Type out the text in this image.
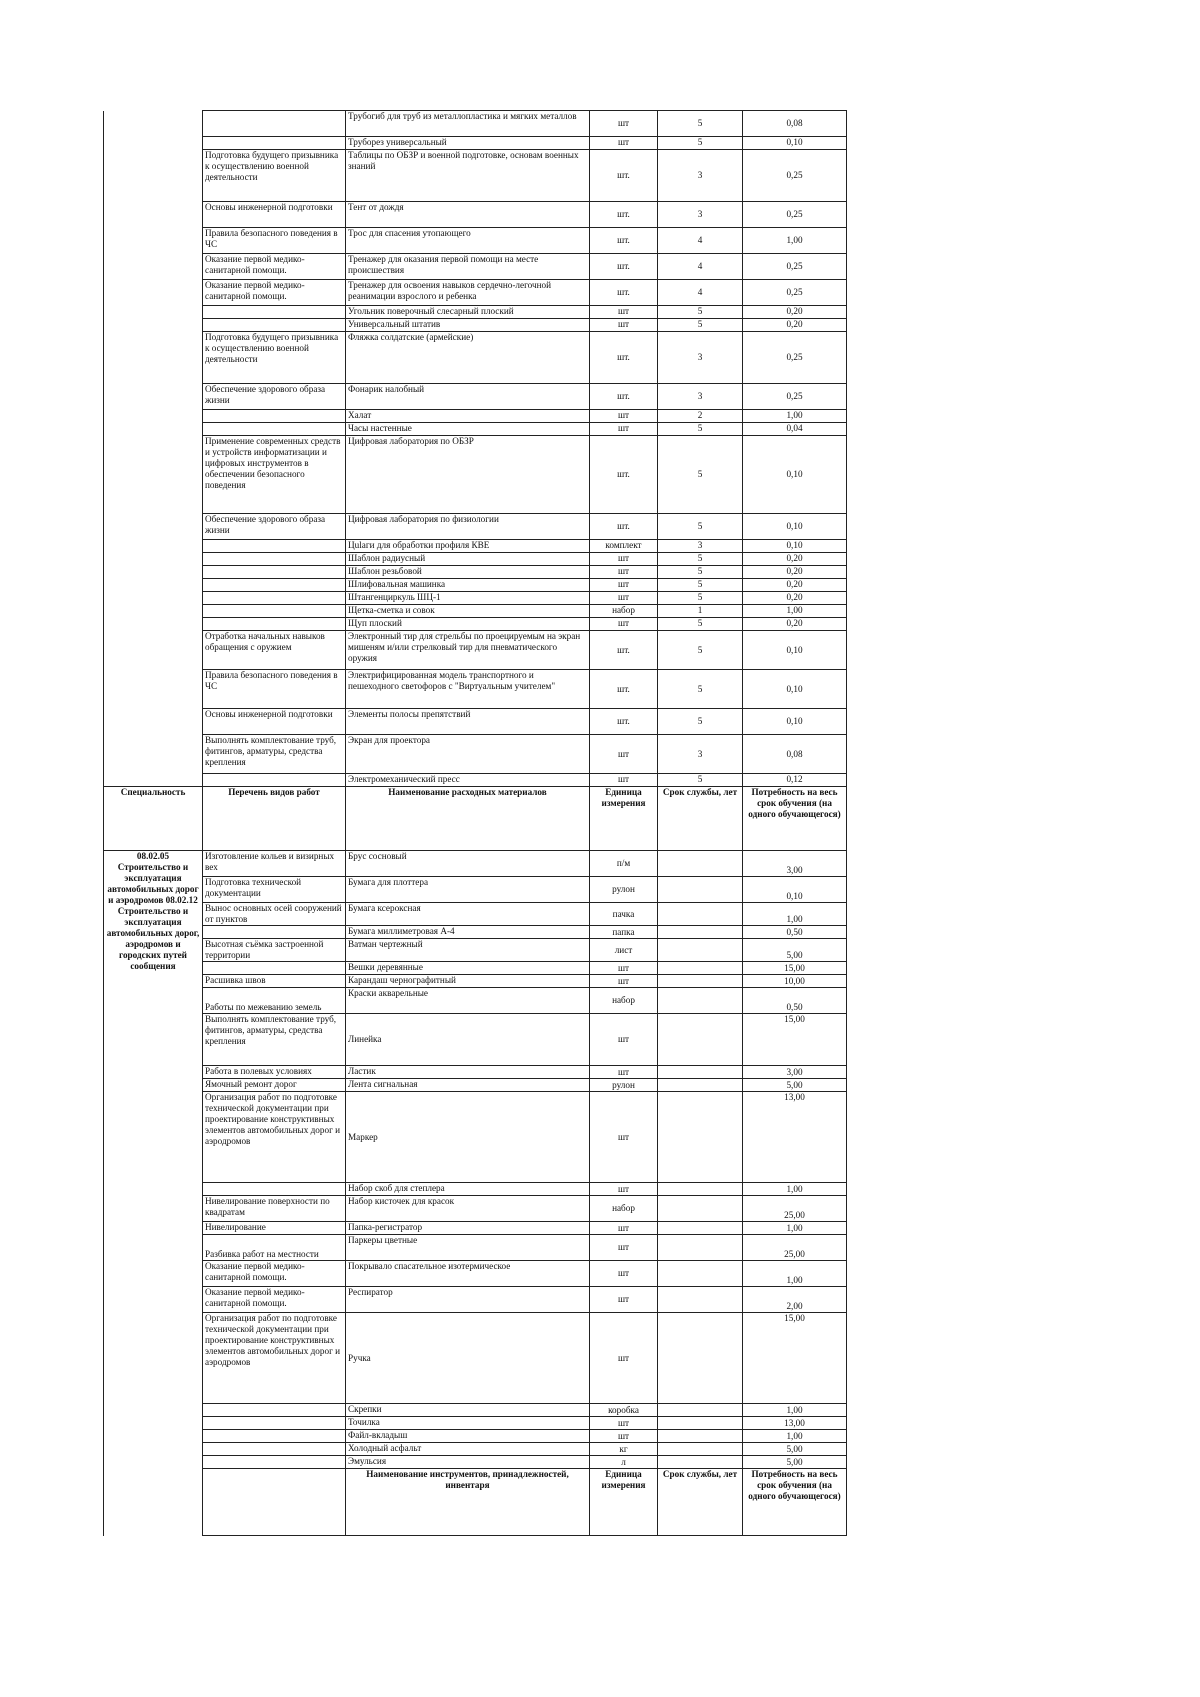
		Трубогиб для труб из металлопластика и мягких металлов	шт	5	0,08
		Труборез универсальный	шт	5	0,10
	Подготовка будущего призывника к осуществлению военной деятельности	Таблицы по ОБЗР и военной подготовке, основам военных знаний	шт.	3	0,25
	Основы инженерной подготовки	Тент от дождя	шт.	3	0,25
	Правила безопасного поведения в ЧС	Трос для спасения утопающего	шт.	4	1,00
	Оказание первой медико-санитарной помощи.	Тренажер для оказания первой помощи на месте происшествия	шт.	4	0,25
	Оказание первой медико-санитарной помощи.	Тренажер для освоения навыков сердечно-легочной реанимации взрослого и ребенка	шт.	4	0,25
		Угольник поверочный слесарный плоский	шт	5	0,20
		Универсальный штатив	шт	5	0,20
	Подготовка будущего призывника к осуществлению военной деятельности	Фляжка солдатские (армейские)	шт.	3	0,25
	Обеспечение здорового образа жизни	Фонарик налобный	шт.	3	0,25
		Халат	шт	2	1,00
		Часы настенные	шт	5	0,04
	Применение современных средств и устройств информатизации и цифровых инструментов в обеспечении безопасного поведения	Цифровая лаборатория по ОБЗР	шт.	5	0,10
	Обеспечение здорового образа жизни	Цифровая лаборатория по физиологии	шт.	5	0,10
		Цulaги для обработки профиля КВЕ	комплект	3	0,10
		Шаблон радиусный	шт	5	0,20
		Шаблон резьбовой	шт	5	0,20
		Шлифовальная машинка	шт	5	0,20
		Штангенциркуль ШЦ-1	шт	5	0,20
		Щетка-сметка и совок	набор	1	1,00
		Щуп плоский	шт	5	0,20
	Отработка начальных навыков обращения с оружием	Электронный тир для стрельбы по проецируемым на экран мишеням и/или стрелковый тир для пневматического оружия	шт.	5	0,10
	Правила безопасного поведения в ЧС	Электрифицированная модель транспортного и пешеходного светофоров с "Виртуальным учителем"	шт.	5	0,10
	Основы инженерной подготовки	Элементы полосы препятствий	шт.	5	0,10
	Выполнять комплектование труб, фитингов, арматуры, средства крепления	Экран для проектора	шт	3	0,08
		Электромеханический пресс	шт	5	0,12
Специальность	Перечень видов работ	Наименование расходных материалов	Единица измерения	Срок службы, лет	Потребность на весь срок обучения (на одного обучающегося)
08.02.05 Строительство и эксплуатация автомобильных дорог и аэродромов 08.02.12 Строительство и эксплуатация автомобильных дорог, аэродромов и городских путей сообщения	Изготовление кольев и визирных вех	Брус сосновый	п/м		3,00
	Подготовка технической документации	Бумага для плоттера	рулон		0,10
	Вынос основных осей сооружений от пунктов	Бумага ксероксная	пачка		1,00
		Бумага миллиметровая А-4	папка		0,50
	Высотная съёмка застроенной территории	Ватман чертежный	лист		5,00
		Вешки деревянные	шт		15,00
	Расшивка швов	Карандаш чернографитный	шт		10,00
	Работы по межеванию земель	Краски акварельные	набор		0,50
	Выполнять комплектование труб, фитингов, арматуры, средства крепления	Линейка	шт		15,00
	Работа в полевых условиях	Ластик	шт		3,00
	Ямочный ремонт дорог	Лента сигнальная	рулон		5,00
	Организация работ по подготовке технической документации при проектирование конструктивных элементов автомобильных дорог и аэродромов	Маркер	шт		13,00
		Набор скоб для степлера	шт		1,00
	Нивелирование поверхности по квадратам	Набор кисточек для красок	набор		25,00
	Нивелирование	Папка-регистратор	шт		1,00
	Разбивка работ на местности	Паркеры цветные	шт		25,00
	Оказание первой медико-санитарной помощи.	Покрывало спасательное изотермическое	шт		1,00
	Оказание первой медико-санитарной помощи.	Респиратор	шт		2,00
	Организация работ по подготовке технической документации при проектирование конструктивных элементов автомобильных дорог и аэродромов	Ручка	шт		15,00
		Скрепки	коробка		1,00
		Точилка	шт		13,00
		Файл-вкладыш	шт		1,00
		Холодный асфальт	кг		5,00
		Эмульсия	л		5,00
		Наименование инструментов, принадлежностей, инвентаря	Единица измерения	Срок службы, лет	Потребность на весь срок обучения (на одного обучающегося)
